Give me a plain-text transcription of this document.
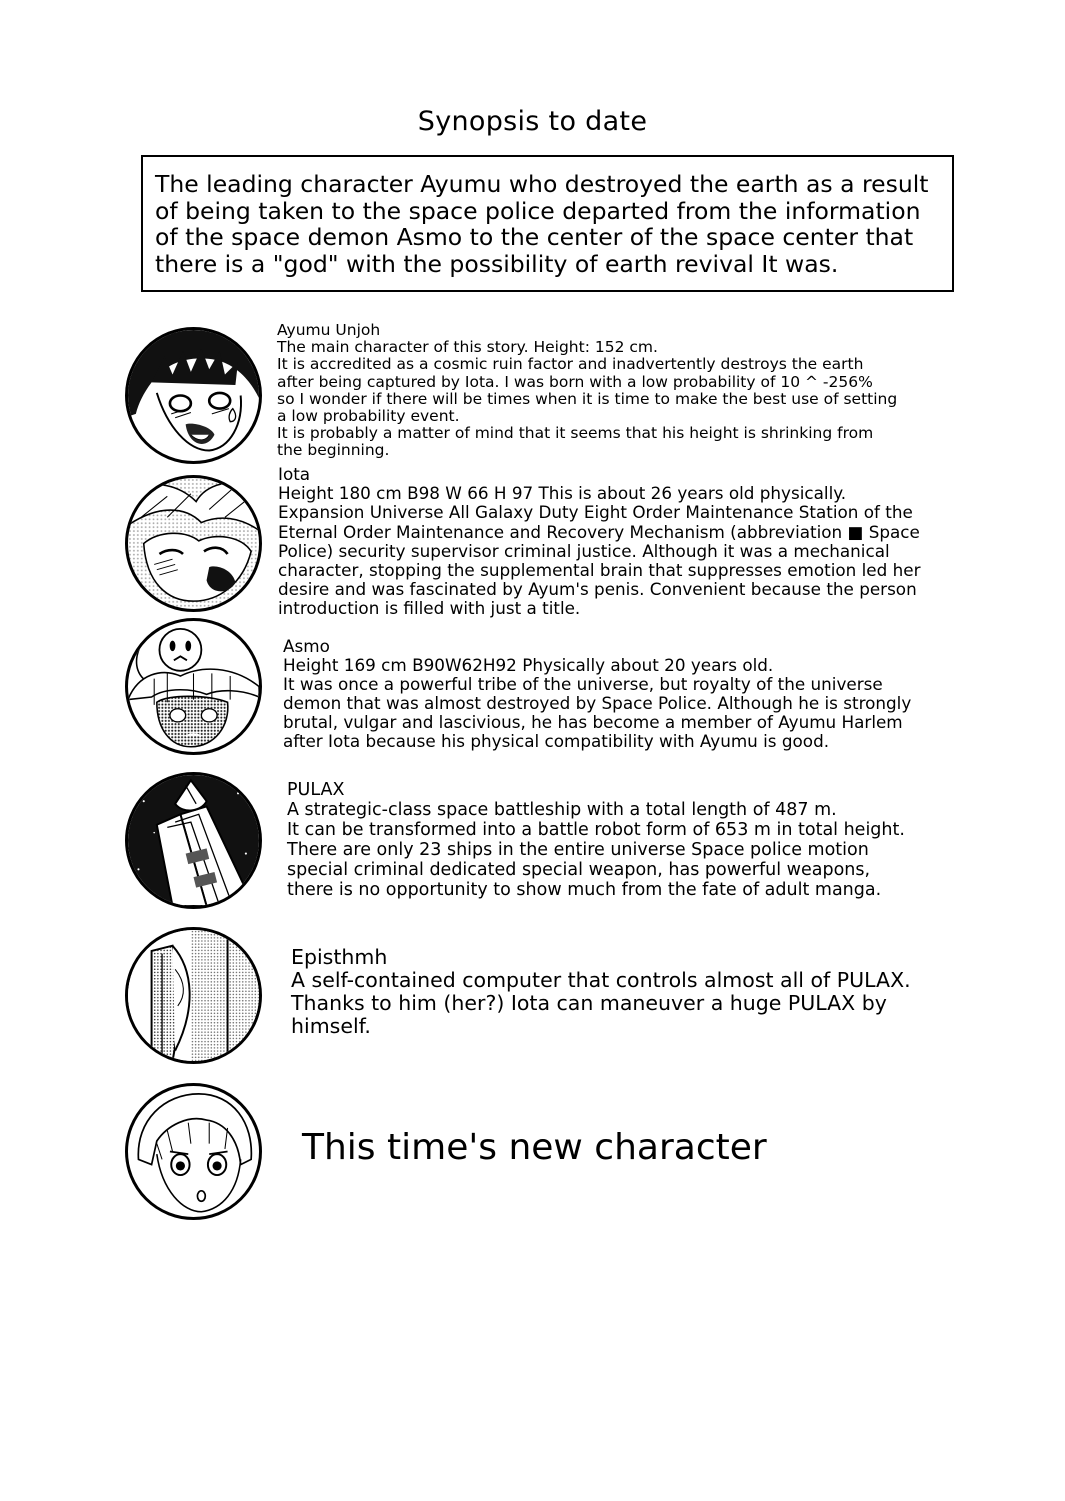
Synopsis to date

The leading character Ayumu who destroyed the earth as a result

of being taken to the space police departed from the information

of the space demon Asmo to the center of the space center that

there is a "god" with the possibility of earth revival It was.

Ayumu Unjoh
The main character of this story. Height: 152 cm.
It is accredited as a cosmic ruin factor and inadvertently destroys the earth
after being captured by Iota. I was born with a low probability of 10 ^ -256%
so I wonder if there will be times when it is time to make the best use of setting
a low probability event.
It is probably a matter of mind that it seems that his height is shrinking from
the beginning.
Iota
Height 180 cm B98 W 66 H 97 This is about 26 years old physically.
Expansion Universe All Galaxy Duty Eight Order Maintenance Station of the
Eternal Order Maintenance and Recovery Mechanism (abbreviation ■ Space
Police) security supervisor criminal justice. Although it was a mechanical
character, stopping the supplemental brain that suppresses emotion led her
desire and was fascinated by Ayum's penis. Convenient because the person
introduction is filled with just a title.
Asmo
Height 169 cm B90W62H92 Physically about 20 years old.
It was once a powerful tribe of the universe, but royalty of the universe
demon that was almost destroyed by Space Police. Although he is strongly
brutal, vulgar and lascivious, he has become a member of Ayumu Harlem
after Iota because his physical compatibility with Ayumu is good.
PULAX
A strategic-class space battleship with a total length of 487 m.
It can be transformed into a battle robot form of 653 m in total height.
There are only 23 ships in the entire universe Space police motion
special criminal dedicated special weapon, has powerful weapons,
there is no opportunity to show much from the fate of adult manga.
Episthmh
A self-contained computer that controls almost all of PULAX.
Thanks to him (her?) Iota can maneuver a huge PULAX by
himself.
This time's new character
